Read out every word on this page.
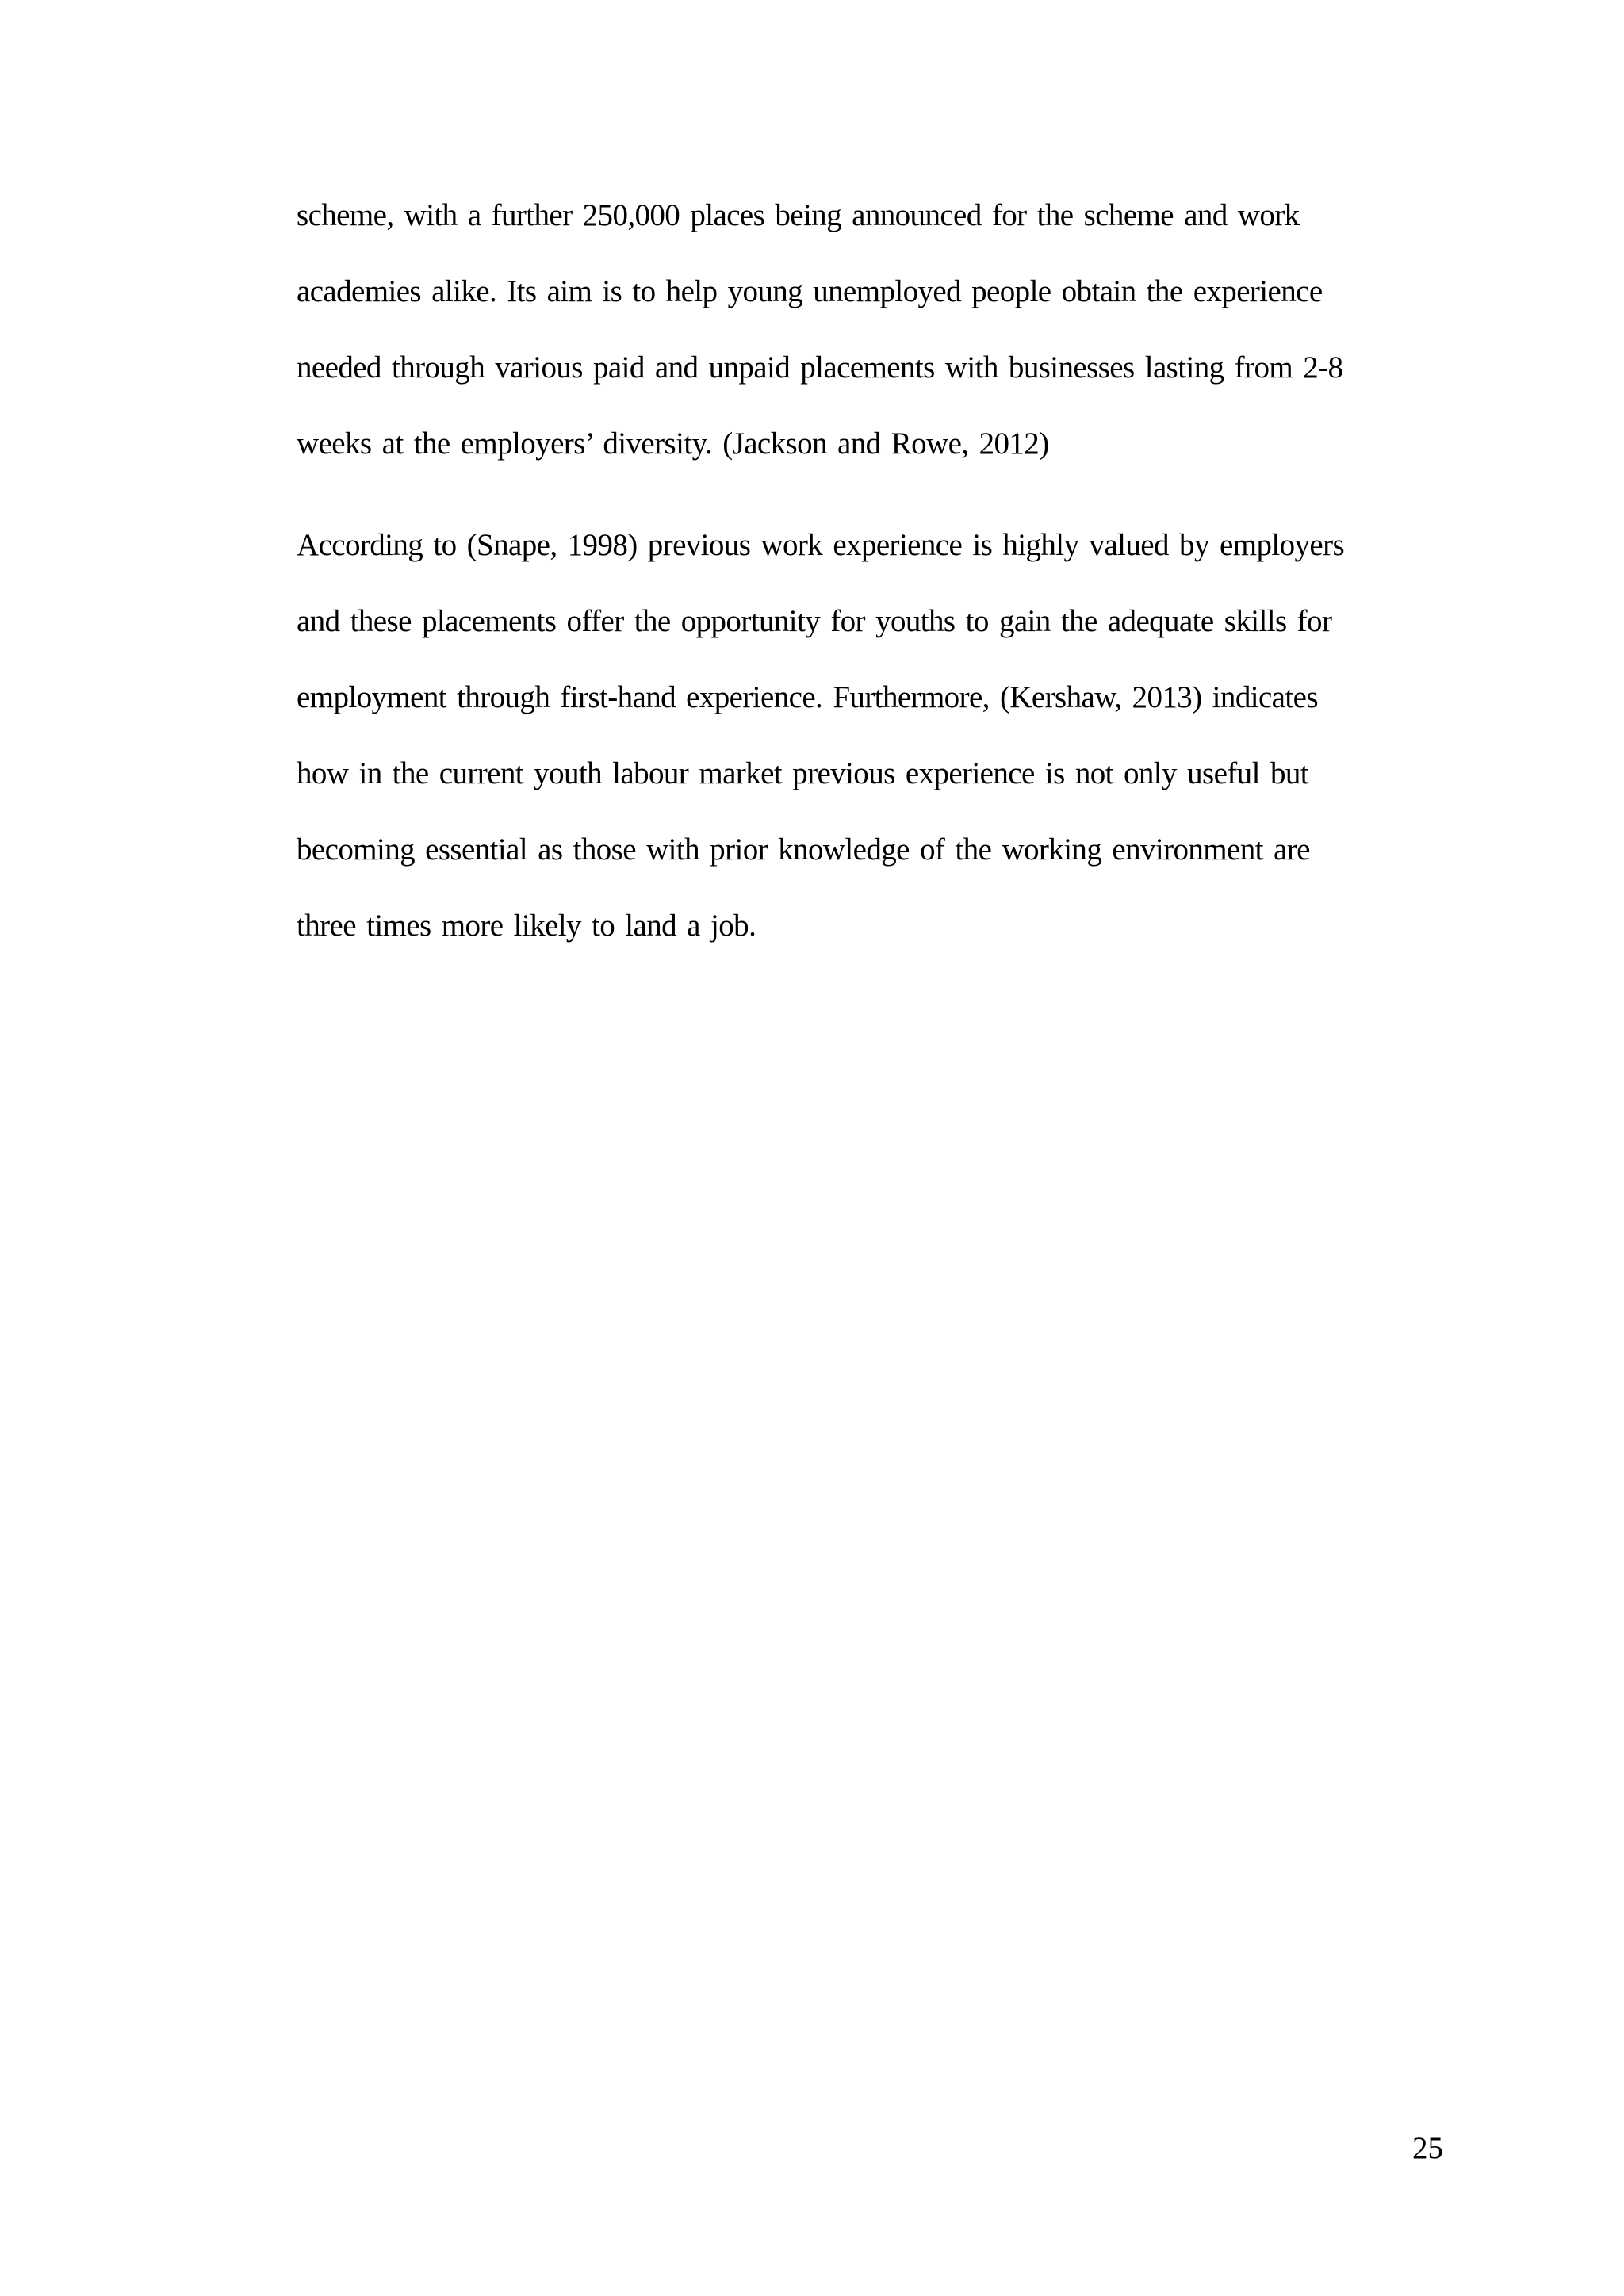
scheme, with a further 250,000 places being announced for the scheme and work
academies alike. Its aim is to help young unemployed people obtain the experience
needed through various paid and unpaid placements with businesses lasting from 2-8
weeks at the employers’ diversity. (Jackson and Rowe, 2012)
According to (Snape, 1998) previous work experience is highly valued by employers
and these placements offer the opportunity for youths to gain the adequate skills for
employment through first-hand experience. Furthermore, (Kershaw, 2013) indicates
how in the current youth labour market previous experience is not only useful but
becoming essential as those with prior knowledge of the working environment are
three times more likely to land a job.
25
